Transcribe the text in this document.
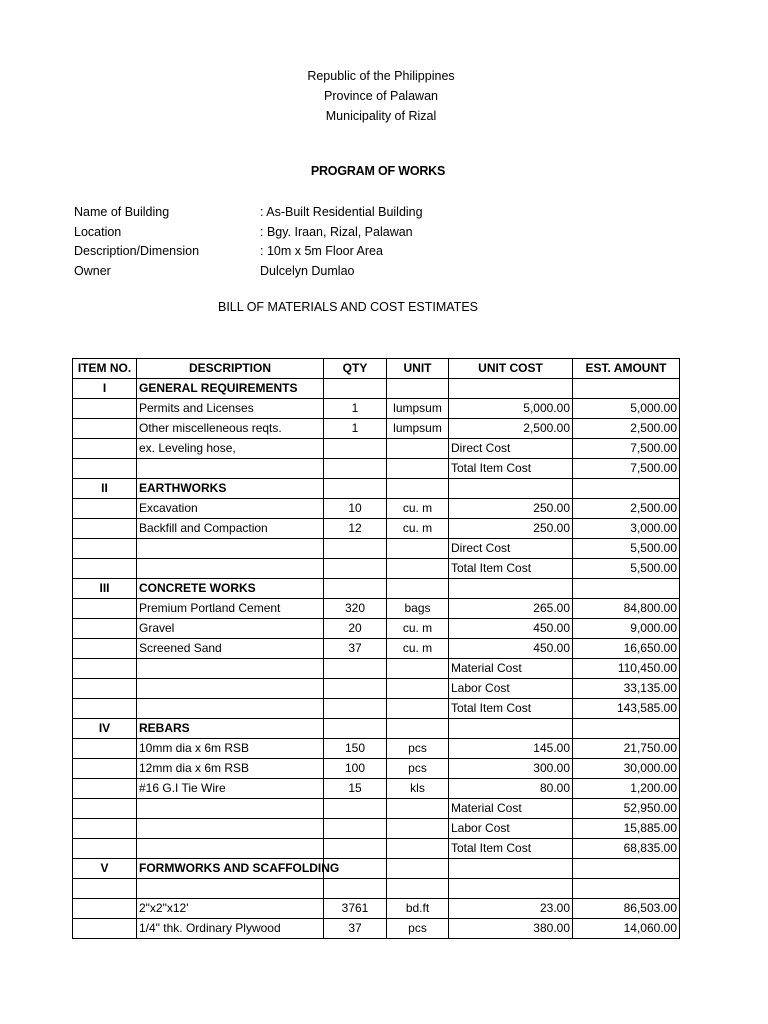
Republic of the Philippines
Province of Palawan
Municipality of Rizal
PROGRAM OF WORKS
Name of Building	: As-Built Residential Building
Location	: Bgy. Iraan, Rizal, Palawan
Description/Dimension	: 10m x 5m Floor Area
Owner	Dulcelyn Dumlao
BILL OF MATERIALS AND COST ESTIMATES
ITEM NO.	DESCRIPTION	QTY	UNIT	UNIT COST	EST. AMOUNT
I	GENERAL REQUIREMENTS				
	Permits and Licenses	1	lumpsum	5,000.00	5,000.00
	Other miscelleneous reqts.	1	lumpsum	2,500.00	2,500.00
	ex. Leveling hose,			Direct Cost	7,500.00
				Total Item Cost	7,500.00
II	EARTHWORKS				
	Excavation	10	cu. m	250.00	2,500.00
	Backfill and Compaction	12	cu. m	250.00	3,000.00
				Direct Cost	5,500.00
				Total Item Cost	5,500.00
III	CONCRETE WORKS				
	Premium Portland Cement	320	bags	265.00	84,800.00
	Gravel	20	cu. m	450.00	9,000.00
	Screened Sand	37	cu. m	450.00	16,650.00
				Material Cost	110,450.00
				Labor Cost	33,135.00
				Total Item Cost	143,585.00
IV	REBARS				
	10mm dia x 6m RSB	150	pcs	145.00	21,750.00
	12mm dia x 6m RSB	100	pcs	300.00	30,000.00
	#16 G.I Tie Wire	15	kls	80.00	1,200.00
				Material Cost	52,950.00
				Labor Cost	15,885.00
				Total Item Cost	68,835.00
V	FORMWORKS AND SCAFFOLDING				

	2"x2"x12'	3761	bd.ft	23.00	86,503.00
	1/4" thk. Ordinary Plywood	37	pcs	380.00	14,060.00
